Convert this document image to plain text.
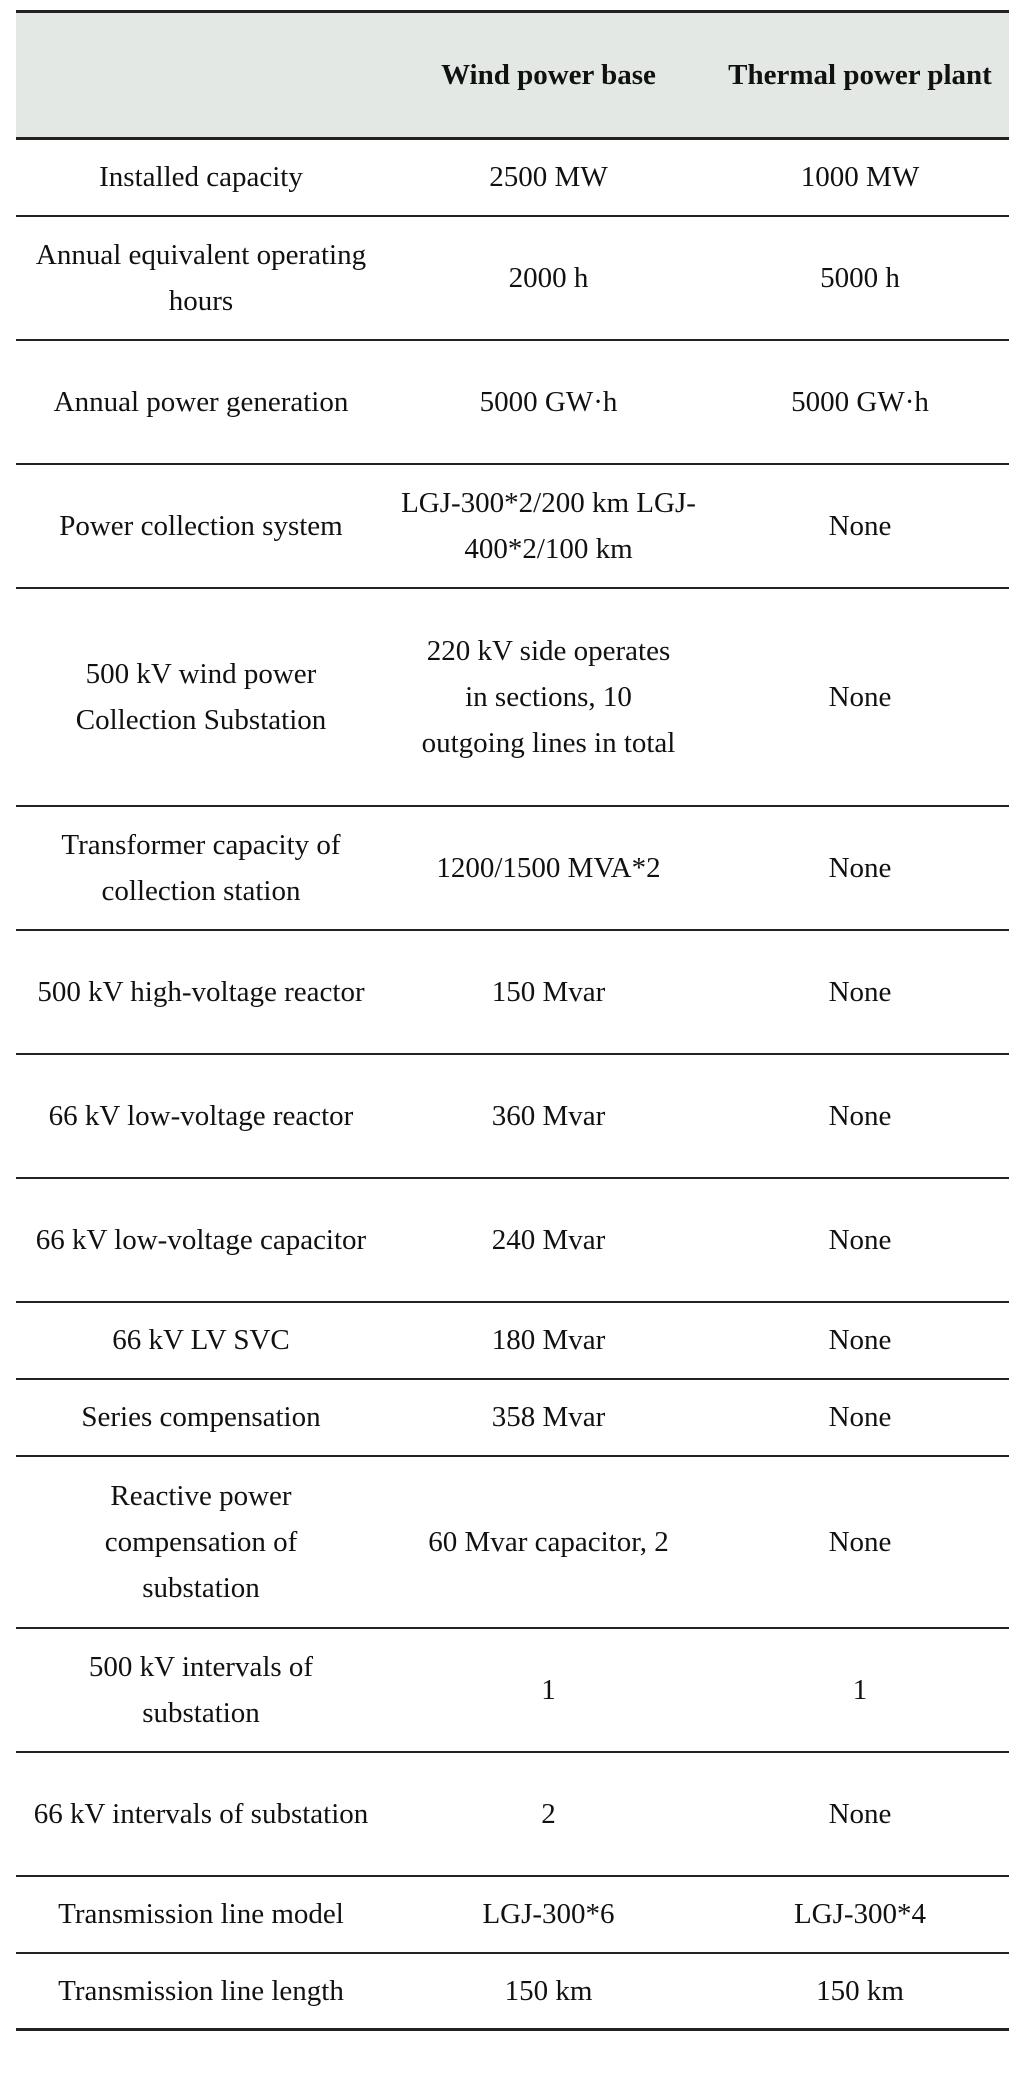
	Wind power base	Thermal power plant
Installed capacity	2500 MW	1000 MW
Annual equivalent operating hours	2000 h	5000 h
Annual power generation	5000 GW·h	5000 GW·h
Power collection system	LGJ-300*2/200 km LGJ-400*2/100 km	None
500 kV wind power Collection Substation	220 kV side operates in sections, 10 outgoing lines in total	None
Transformer capacity of collection station	1200/1500 MVA*2	None
500 kV high-voltage reactor	150 Mvar	None
66 kV low-voltage reactor	360 Mvar	None
66 kV low-voltage capacitor	240 Mvar	None
66 kV LV SVC	180 Mvar	None
Series compensation	358 Mvar	None
Reactive power compensation of substation	60 Mvar capacitor, 2	None
500 kV intervals of substation	1	1
66 kV intervals of substation	2	None
Transmission line model	LGJ-300*6	LGJ-300*4
Transmission line length	150 km	150 km
